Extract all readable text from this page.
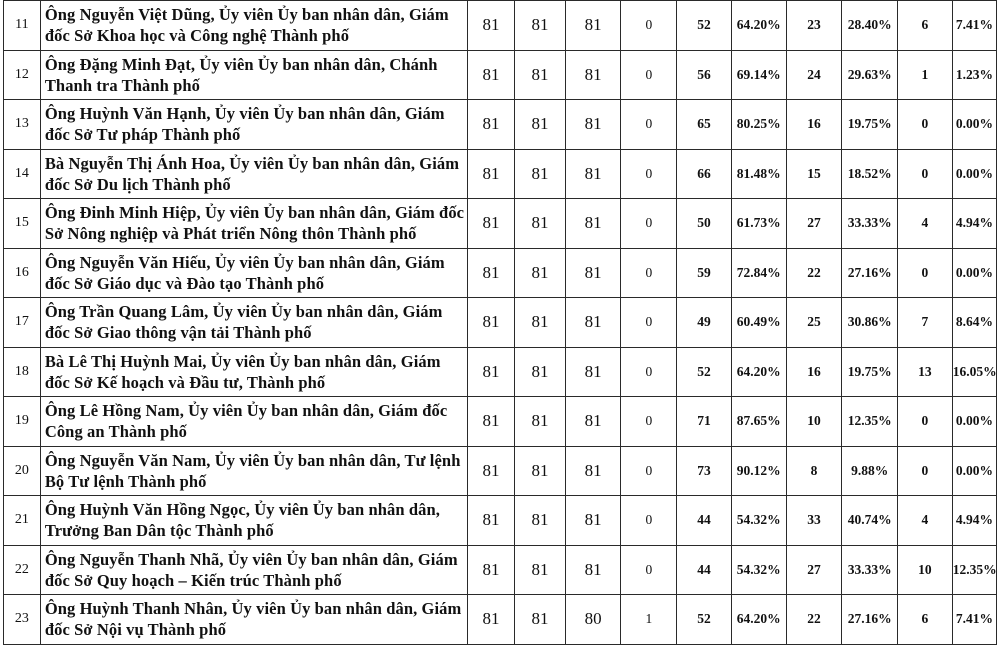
11	Ông Nguyễn Việt Dũng, Ủy viên Ủy ban nhân dân, Giám đốc Sở Khoa học và Công nghệ Thành phố	81	81	81	0	52	64.20%	23	28.40%	6	7.41%
12	Ông Đặng Minh Đạt, Ủy viên Ủy ban nhân dân, Chánh Thanh tra Thành phố	81	81	81	0	56	69.14%	24	29.63%	1	1.23%
13	Ông Huỳnh Văn Hạnh, Ủy viên Ủy ban nhân dân, Giám đốc Sở Tư pháp Thành phố	81	81	81	0	65	80.25%	16	19.75%	0	0.00%
14	Bà Nguyễn Thị Ánh Hoa, Ủy viên Ủy ban nhân dân, Giám đốc Sở Du lịch Thành phố	81	81	81	0	66	81.48%	15	18.52%	0	0.00%
15	Ông Đinh Minh Hiệp, Ủy viên Ủy ban nhân dân, Giám đốc Sở Nông nghiệp và Phát triển Nông thôn Thành phố	81	81	81	0	50	61.73%	27	33.33%	4	4.94%
16	Ông Nguyễn Văn Hiếu, Ủy viên Ủy ban nhân dân, Giám đốc Sở Giáo dục và Đào tạo Thành phố	81	81	81	0	59	72.84%	22	27.16%	0	0.00%
17	Ông Trần Quang Lâm, Ủy viên Ủy ban nhân dân, Giám đốc Sở Giao thông vận tải Thành phố	81	81	81	0	49	60.49%	25	30.86%	7	8.64%
18	Bà Lê Thị Huỳnh Mai, Ủy viên Ủy ban nhân dân, Giám đốc Sở Kế hoạch và Đầu tư, Thành phố	81	81	81	0	52	64.20%	16	19.75%	13	16.05%
19	Ông Lê Hồng Nam, Ủy viên Ủy ban nhân dân, Giám đốc Công an Thành phố	81	81	81	0	71	87.65%	10	12.35%	0	0.00%
20	Ông Nguyễn Văn Nam, Ủy viên Ủy ban nhân dân, Tư lệnh Bộ Tư lệnh Thành phố	81	81	81	0	73	90.12%	8	9.88%	0	0.00%
21	Ông Huỳnh Văn Hồng Ngọc, Ủy viên Ủy ban nhân dân, Trưởng Ban Dân tộc Thành phố	81	81	81	0	44	54.32%	33	40.74%	4	4.94%
22	Ông Nguyễn Thanh Nhã, Ủy viên Ủy ban nhân dân, Giám đốc Sở Quy hoạch – Kiến trúc Thành phố	81	81	81	0	44	54.32%	27	33.33%	10	12.35%
23	Ông Huỳnh Thanh Nhân, Ủy viên Ủy ban nhân dân, Giám đốc Sở Nội vụ Thành phố	81	81	80	1	52	64.20%	22	27.16%	6	7.41%
